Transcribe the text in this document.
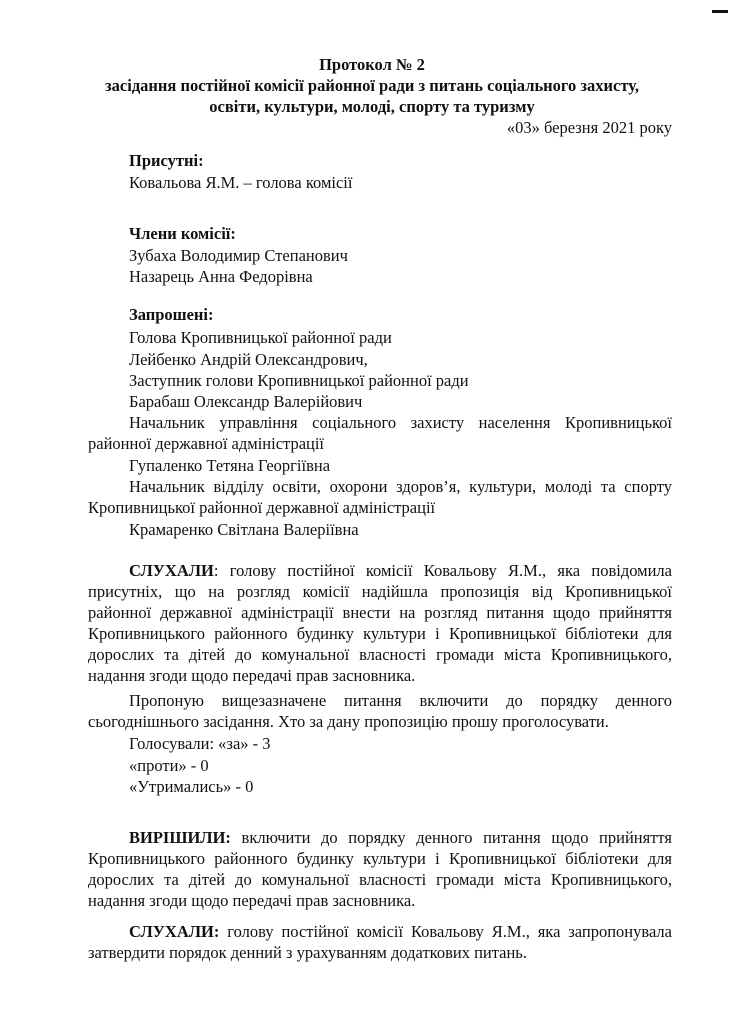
Протокол № 2
засідання постійної комісії районної ради з питань соціального захисту,
освіти, культури, молоді, спорту та туризму
«03» березня 2021 року
Присутні:
Ковальова Я.М. – голова комісії
Члени комісії:
Зубаха Володимир Степанович
Назарець Анна Федорівна
Запрошені:
Голова Кропивницької районної ради
Лейбенко Андрій Олександрович,
Заступник голови Кропивницької районної ради
Барабаш Олександр Валерійович
Начальник управління соціального захисту населення Кропивницької районної державної адміністрації
Гупаленко Тетяна Георгіївна
Начальник відділу освіти, охорони здоров’я, культури, молоді та спорту Кропивницької районної державної адміністрації
Крамаренко Світлана Валеріївна
СЛУХАЛИ: голову постійної комісії Ковальову Я.М., яка повідомила присутніх, що на розгляд комісії надійшла пропозиція від Кропивницької районної державної адміністрації внести на розгляд питання щодо прийняття Кропивницького районного будинку культури і Кропивницької бібліотеки для дорослих та дітей до комунальної власності громади міста Кропивницького, надання згоди щодо передачі прав засновника.
Пропоную вищезазначене питання включити до порядку денного сьогоднішнього засідання. Хто за дану пропозицію прошу проголосувати.
Голосували: «за» - 3
«проти» - 0
«Утримались» - 0
ВИРІШИЛИ: включити до порядку денного питання щодо прийняття Кропивницького районного будинку культури і Кропивницької бібліотеки для дорослих та дітей до комунальної власності громади міста Кропивницького, надання згоди щодо передачі прав засновника.
СЛУХАЛИ: голову постійної комісії Ковальову Я.М., яка запропонувала затвердити порядок денний з урахуванням додаткових питань.
